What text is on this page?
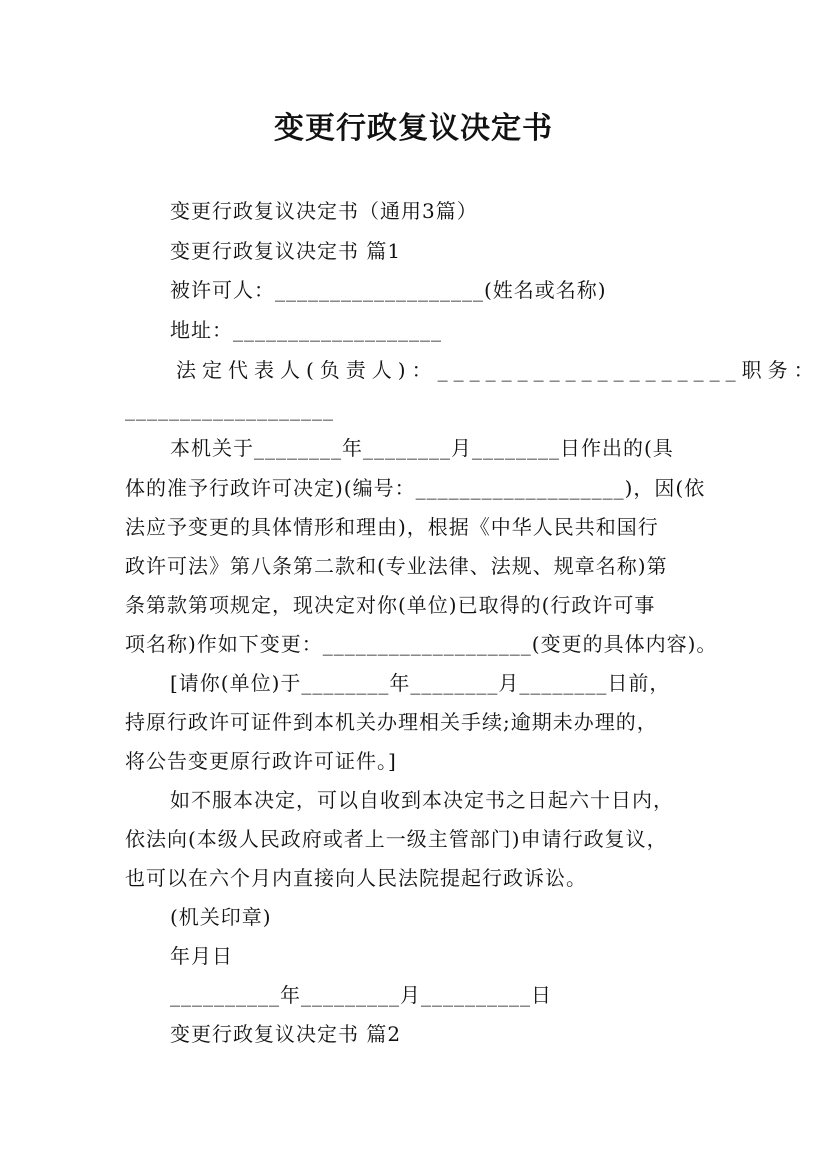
变更行政复议决定书
变更行政复议决定书（通用3篇）
变更行政复议决定书 篇1
被许可人：___________________(姓名或名称)
地址：___________________
法定代表人(负责人)：___________________职务：
___________________
本机关于________年________月________日作出的(具
体的准予行政许可决定)(编号：___________________)，因(依
法应予变更的具体情形和理由)，根据《中华人民共和国行
政许可法》第八条第二款和(专业法律、法规、规章名称)第
条第款第项规定，现决定对你(单位)已取得的(行政许可事
项名称)作如下变更：___________________(变更的具体内容)。
[请你(单位)于________年________月________日前，
持原行政许可证件到本机关办理相关手续;逾期未办理的，
将公告变更原行政许可证件。]
如不服本决定，可以自收到本决定书之日起六十日内，
依法向(本级人民政府或者上一级主管部门)申请行政复议，
也可以在六个月内直接向人民法院提起行政诉讼。
(机关印章)
年月日
__________年_________月__________日
变更行政复议决定书 篇2
